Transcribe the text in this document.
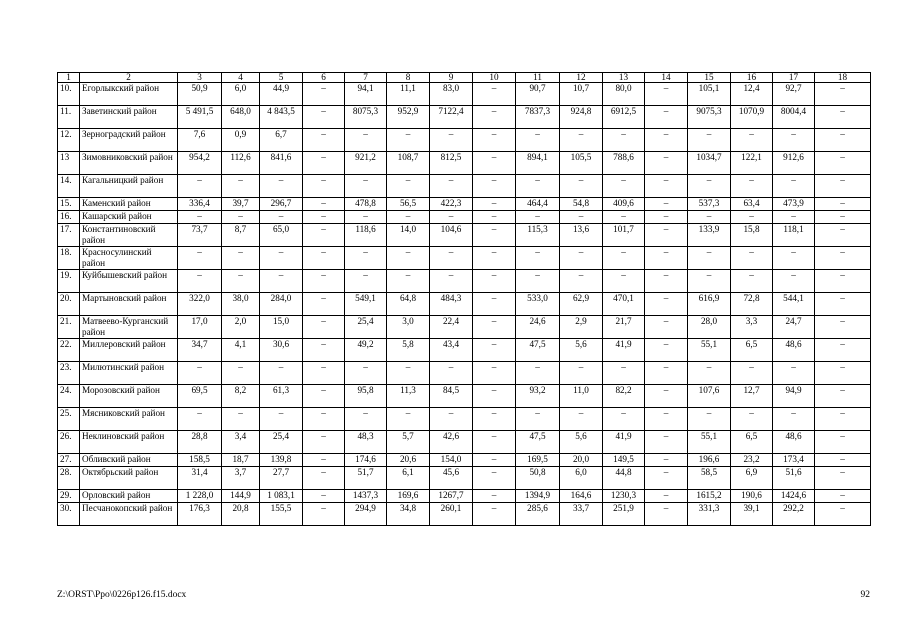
1	2	3	4	5	6	7	8	9	10	11	12	13	14	15	16	17	18
10.	Егорлыкский район	50,9	6,0	44,9	–	94,1	11,1	83,0	–	90,7	10,7	80,0	–	105,1	12,4	92,7	–
11.	Заветинский район	5 491,5	648,0	4 843,5	–	8075,3	952,9	7122,4	–	7837,3	924,8	6912,5	–	9075,3	1070,9	8004,4	–
12.	Зерноградский район	7,6	0,9	6,7	–	–	–	–	–	–	–	–	–	–	–	–	–
13	Зимовниковский район	954,2	112,6	841,6	–	921,2	108,7	812,5	–	894,1	105,5	788,6	–	1034,7	122,1	912,6	–
14.	Кагальницкий район	–	–	–	–	–	–	–	–	–	–	–	–	–	–	–	–
15.	Каменский район	336,4	39,7	296,7	–	478,8	56,5	422,3	–	464,4	54,8	409,6	–	537,3	63,4	473,9	–
16.	Кашарский район	–	–	–	–	–	–	–	–	–	–	–	–	–	–	–	–
17.	Константиновский район	73,7	8,7	65,0	–	118,6	14,0	104,6	–	115,3	13,6	101,7	–	133,9	15,8	118,1	–
18.	Красносулинский район	–	–	–	–	–	–	–	–	–	–	–	–	–	–	–	–
19.	Куйбышевский район	–	–	–	–	–	–	–	–	–	–	–	–	–	–	–	–
20.	Мартыновский район	322,0	38,0	284,0	–	549,1	64,8	484,3	–	533,0	62,9	470,1	–	616,9	72,8	544,1	–
21.	Матвеево-Курганский район	17,0	2,0	15,0	–	25,4	3,0	22,4	–	24,6	2,9	21,7	–	28,0	3,3	24,7	–
22.	Миллеровский район	34,7	4,1	30,6	–	49,2	5,8	43,4	–	47,5	5,6	41,9	–	55,1	6,5	48,6	–
23.	Милютинский район	–	–	–	–	–	–	–	–	–	–	–	–	–	–	–	–
24.	Морозовский район	69,5	8,2	61,3	–	95,8	11,3	84,5	–	93,2	11,0	82,2	–	107,6	12,7	94,9	–
25.	Мясниковский район	–	–	–	–	–	–	–	–	–	–	–	–	–	–	–	–
26.	Неклиновский район	28,8	3,4	25,4	–	48,3	5,7	42,6	–	47,5	5,6	41,9	–	55,1	6,5	48,6	–
27.	Обливский район	158,5	18,7	139,8	–	174,6	20,6	154,0	–	169,5	20,0	149,5	–	196,6	23,2	173,4	–
28.	Октябрьский район	31,4	3,7	27,7	–	51,7	6,1	45,6	–	50,8	6,0	44,8	–	58,5	6,9	51,6	–
29.	Орловский район	1 228,0	144,9	1 083,1	–	1437,3	169,6	1267,7	–	1394,9	164,6	1230,3	–	1615,2	190,6	1424,6	–
30.	Песчанокопский район	176,3	20,8	155,5	–	294,9	34,8	260,1	–	285,6	33,7	251,9	–	331,3	39,1	292,2	–
Z:\ORST\Ppo\0226p126.f15.docx	92
